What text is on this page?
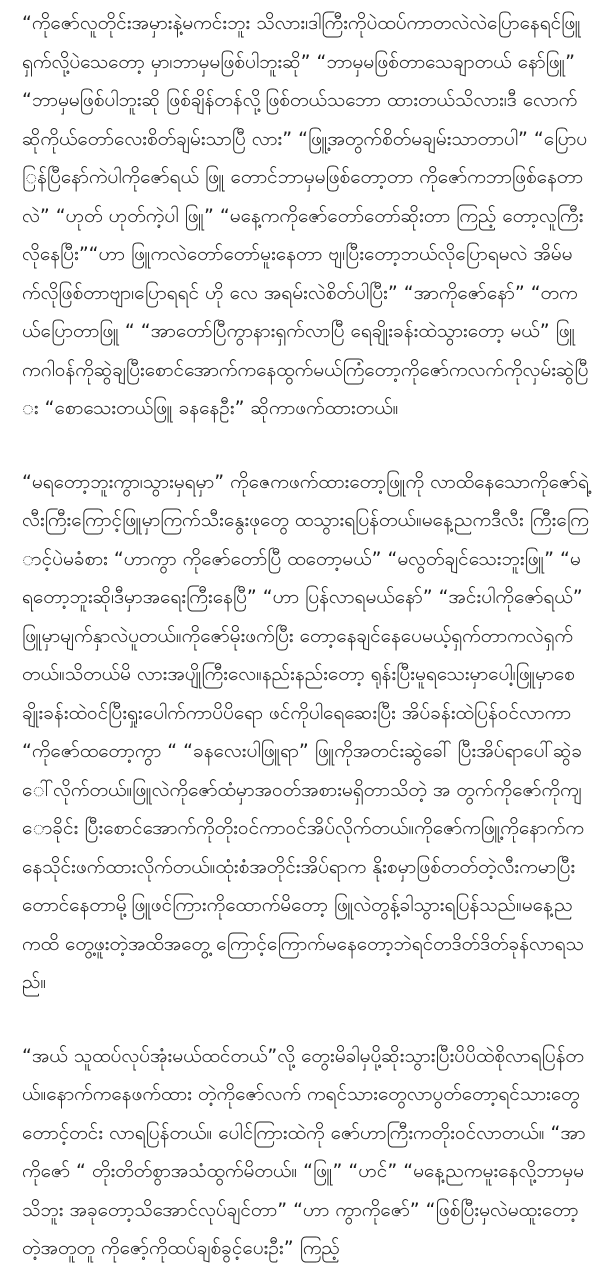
“ကိုဇော်လူတိုင်းအမှားနဲ့မကင်းဘူး သိလား၊ဒါကြီးကိုပဲထပ်ကာတလဲလဲပြောနေရင်ဖြူရှက်လို့ပဲသေတော့ မှာ၊ဘာမှမဖြစ်ပါဘူးဆို” “ဘာမှမဖြစ်တာသေချာတယ် နော်ဖြူ” “ဘာမှမဖြစ်ပါဘူးဆို ဖြစ်ချိန်တန်လို့ဖြစ်တယ်သဘော ထားတယ်သိလား၊ဒီ လောက်ဆိုကိုယ်တော်လေးစိတ်ချမ်းသာပြီ လား” “ဖြူ့အတွက်စိတ်မချမ်းသာတာပါ” “ပြောပြန်ပြီနော်ကဲပါကိုဇော်ရယ် ဖြူ တောင်ဘာမှမဖြစ်တော့တာ ကိုဇော်ကဘာဖြစ်နေတာလဲ” “ဟုတ် ဟုတ်ကဲ့ပါ ဖြူ” “မနေ့ကကိုဇော်တော်တော်ဆိုးတာ ကြည့် တော့လူကြီးလိုနေပြီး”“ဟာ ဖြူကလဲတော်တော်မူးနေတာ ဗျ၊ပြီးတော့ဘယ်လိုပြောရမလဲ အိမ်မက်လိုဖြစ်တာဗျာ၊ပြောရရင် ဟို လေ အရမ်းလဲစိတ်ပါပြီး” “အာကိုဇော်နော်” “တကယ်ပြောတာဖြူ “ “အာတော်ပြီကွာနားရှက်လာပြီ ရေချိုးခန်းထဲသွားတော့ မယ်” ဖြူကဂါဝန်ကိုဆွဲချပြီးစောင်အောက်ကနေထွက်မယ်ကြံတော့ကိုဇော်ကလက်ကိုလှမ်းဆွဲပြီး “စောသေးတယ်ဖြူ ခနနေဦး” ဆိုကာဖက်ထားတယ်။

“မရတော့ဘူးကွာ၊သွားမှရမှာ” ကိုဇေကဖက်ထားတော့ဖြူကို လာထိနေသောကိုဇော်ရဲ့လီးကြီးကြောင့်ဖြူမှာကြက်သီးနွေးဖုတွေ ထသွားရပြန်တယ်။မနေ့ညကဒီလီး ကြီးကြောင့်ပဲမခံစား “ဟာကွာ ကိုဇော်တော်ပြီ ထတော့မယ်” “မလွတ်ချင်သေးဘူးဖြူ” “မ ရတော့ဘူးဆို၊ဒီမှာအရေးကြီးနေပြီ” “ဟာ ပြန်လာရမယ်နော်” “အင်းပါကိုဇော်ရယ်” ဖြူမှာမျက်နှာလဲပူတယ်။ကိုဇော်မိုးဖက်ပြီး တော့နေချင်နေပေမယ့်ရှက်တာကလဲရှက်တယ်။သိတယ်မိ လားအပျိုကြီးလေ။နည်းနည်းတော့ ရုန်းပြီးမူရသေးမှာပေါ့၊ဖြူမှာစေ ချိုးခန်းထဲဝင်ပြီးရှုးပေါက်ကာပိပိရော ဖင်ကိုပါရေဆေးပြီး အိပ်ခန်းထဲပြန်ဝင်လာကာ “ကိုဇော်ထတော့ကွာ “ “ခနလေးပါဖြူရာ” ဖြူကိုအတင်းဆွဲခေါ် ပြီးအိပ်ရာပေါ်ဆွဲခေါ်လိုက်တယ်။ဖြူလဲကိုဇော်ထံမှာအဝတ်အစားမရှိတာသိတဲ့ အ တွက်ကိုဇော်ကိုကျောခိုင်း ပြီးစောင်အောက်ကိုတိုးဝင်ကာဝင်အိပ်လိုက်တယ်။ကိုဇော်ကဖြူ့ကိုနောက်ကနေသိုင်းဖက်ထားလိုက်တယ်။ထုံးစံအတိုင်းအိပ်ရာက နိုးစမှာဖြစ်တတ်တဲ့လီးကမာပြီးတောင်နေတာမို့ဖြူဖင်ကြားကိုထောက်မိတော့ ဖြူလဲတွန့်ခါသွားရပြန်သည်။မနေ့ညကထိ တွေ့ဖူးတဲ့အထိအတွေ့ ကြောင့်ကြောက်မနေတော့ဘဲရင်တဒိတ်ဒိတ်ခုန်လာရသည်။

“အယ် သူထပ်လုပ်အုံးမယ်ထင်တယ်”လို့ တွေးမိခါမှပို့ဆိုးသွားပြီးပိပိထဲစိုလာရပြန်တယ်။နောက်ကနေဖက်ထား တဲ့ကိုဇော်လက် ကရင်သားတွေလာပွတ်တော့ရင်သားတွေတောင့်တင်း လာရပြန်တယ်။ ပေါင်ကြားထဲကို ဇော်ဟာကြီးကတိုးဝင်လာတယ်။ “အာ ကိုဇော် “ တိုးတိတ်စွာအသံထွက်မိတယ်။ “ဖြူ” “ဟင်” “မနေ့ညကမူးနေလို့ဘာမှမသိဘူး အခုတော့သိအောင်လုပ်ချင်တာ” “ဟာ ကွာကိုဇော်” “ဖြစ်ပြီးမှလဲမထူးတော့တဲ့အတူတူ ကိုဇော့်ကိုထပ်ချစ်ခွင့်ပေးဦး” ကြည့်
